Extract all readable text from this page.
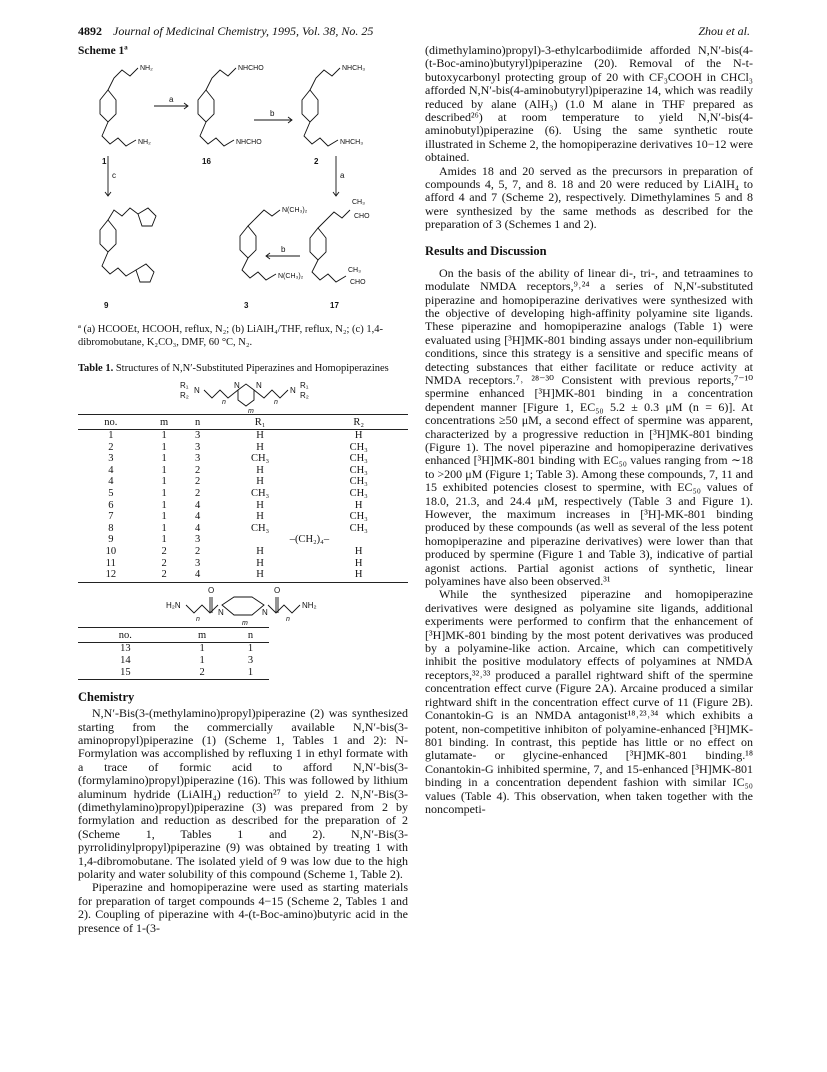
4892 Journal of Medicinal Chemistry, 1995, Vol. 38, No. 25	Zhou et al.

Scheme 1ª

NH₂
NH₂
NHCHO
NHCHO
NHCH₃
NHCH₃
N(CH₃)₂
N(CH₃)₂
CH₃
CHO
CH₃
CHO
a
b
c	a
b
1	16	2
9	3	17

ª (a) HCOOEt, HCOOH, reflux, N₂; (b) LiAlH₄/THF, reflux, N₂; (c) 1,4-dibromobutane, K₂CO₃, DMF, 60 °C, N₂.

Table 1. Structures of N,N′-Substituted Piperazines and Homopiperazines

R₁
R₂
N
N N
N
R₁
R₂
m
n	n
no.	m	n	R₁	R₂
1	1	3	H	H
2	1	3	H	CH₃
3	1	3	CH₃	CH₃
4	1	2	H	CH₃
4	1	2	H	CH₃
5	1	2	CH₃	CH₃
6	1	4	H	H
7	1	4	H	CH₃
8	1	4	CH₃	CH₃
9	1	3	–(CH₂)₄–	
10	2	2	H	H
11	2	3	H	H
12	2	4	H	H
O	O
H₂N	NH₂
N	N
n	n
m
no.	m	n
13	1	1
14	1	3
15	2	1
Chemistry

N,N′-Bis(3-(methylamino)propyl)piperazine (2) was synthesized starting from the commercially available N,N′-bis(3-aminopropyl)piperazine (1) (Scheme 1, Tables 1 and 2): N-Formylation was accomplished by refluxing 1 in ethyl formate with a trace of formic acid to afford N,N′-bis(3-(formylamino)propyl)piperazine (16). This was followed by lithium aluminum hydride (LiAlH₄) reduction²⁷ to yield 2. N,N′-Bis(3-(dimethylamino)propyl)piperazine (3) was prepared from 2 by formylation and reduction as described for the preparation of 2 (Scheme 1, Tables 1 and 2). N,N′-Bis(3-pyrrolidinylpropyl)piperazine (9) was obtained by treating 1 with 1,4-dibromobutane. The isolated yield of 9 was low due to the high polarity and water solubility of this compound (Scheme 1, Table 2).

Piperazine and homopiperazine were used as starting materials for preparation of target compounds 4−15 (Scheme 2, Tables 1 and 2). Coupling of piperazine with 4-(t-Boc-amino)butyric acid in the presence of 1-(3-

(dimethylamino)propyl)-3-ethylcarbodiimide afforded N,N′-bis(4-(t-Boc-amino)butyryl)piperazine (20). Removal of the N-t-butoxycarbonyl protecting group of 20 with CF₃COOH in CHCl₃ afforded N,N′-bis(4-aminobutyryl)piperazine 14, which was readily reduced by alane (AlH₃) (1.0 M alane in THF prepared as described²⁶) at room temperature to yield N,N′-bis(4-aminobutyl)piperazine (6). Using the same synthetic route illustrated in Scheme 2, the homopiperazine derivatives 10−12 were obtained.

Amides 18 and 20 served as the precursors in preparation of compounds 4, 5, 7, and 8. 18 and 20 were reduced by LiAlH₄ to afford 4 and 7 (Scheme 2), respectively. Dimethylamines 5 and 8 were synthesized by the same methods as described for the preparation of 3 (Schemes 1 and 2).

Results and Discussion

On the basis of the ability of linear di-, tri-, and tetraamines to modulate NMDA receptors,⁹˒²⁴ a series of N,N′-substituted piperazine and homopiperazine derivatives were synthesized with the objective of developing high-affinity polyamine site ligands. These piperazine and homopiperazine analogs (Table 1) were evaluated using [³H]MK-801 binding assays under non-equilibrium conditions, since this strategy is a sensitive and specific means of detecting substances that either facilitate or reduce activity at NMDA receptors.⁷˒ ²⁸⁻³⁰ Consistent with previous reports,⁷⁻¹⁰ spermine enhanced [³H]MK-801 binding in a concentration dependent manner [Figure 1, EC₅₀ 5.2 ± 0.3 μM (n = 6)]. At concentrations ≥50 μM, a second effect of spermine was apparent, characterized by a progressive reduction in [³H]MK-801 binding (Figure 1). The novel piperazine and homopiperazine derivatives enhanced [³H]MK-801 binding with EC₅₀ values ranging from ∼18 to >200 μM (Figure 1; Table 3). Among these compounds, 7, 11 and 15 exhibited potencies closest to spermine, with EC₅₀ values of 18.0, 21.3, and 24.4 μM, respectively (Table 3 and Figure 1). However, the maximum increases in [³H]-MK-801 binding produced by these compounds (as well as several of the less potent homopiperazine and piperazine derivatives) were lower than that produced by spermine (Figure 1 and Table 3), indicative of partial agonist actions. Partial agonist actions of synthetic, linear polyamines have also been observed.³¹

While the synthesized piperazine and homopiperazine derivatives were designed as polyamine site ligands, additional experiments were performed to confirm that the enhancement of [³H]MK-801 binding by the most potent derivatives was produced by a polyamine-like action. Arcaine, which can competitively inhibit the positive modulatory effects of polyamines at NMDA receptors,³²˒³³ produced a parallel rightward shift of the spermine concentration effect curve (Figure 2A). Arcaine produced a similar rightward shift in the concentration effect curve of 11 (Figure 2B). Conantokin-G is an NMDA antagonist¹⁸˒²³˒³⁴ which exhibits a potent, non-competitive inhibiton of polyamine-enhanced [³H]MK-801 binding. In contrast, this peptide has little or no effect on glutamate- or glycine-enhanced [³H]MK-801 binding.¹⁸ Conantokin-G inhibited spermine, 7, and 15-enhanced [³H]MK-801 binding in a concentration dependent fashion with similar IC₅₀ values (Table 4). This observation, when taken together with the noncompeti-
